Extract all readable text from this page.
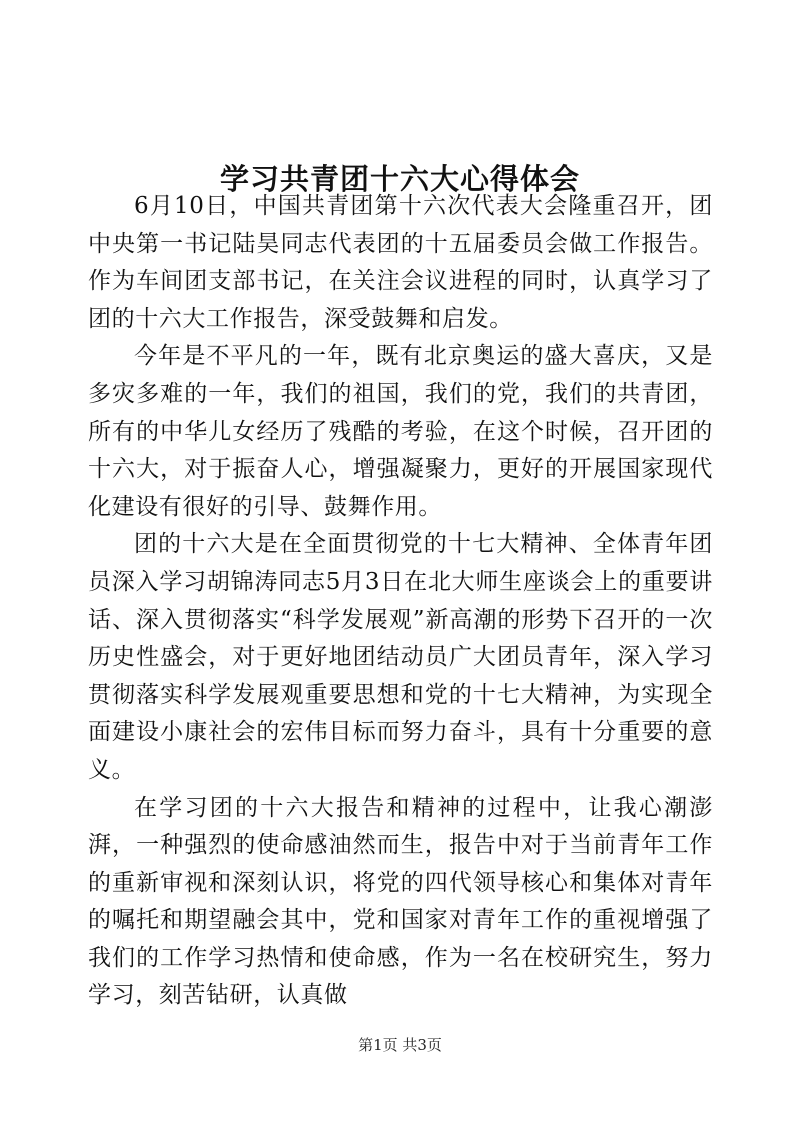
学习共青团十六大心得体会

6月10日，中国共青团第十六次代表大会隆重召开，团中央第一书记陆昊同志代表团的十五届委员会做工作报告。作为车间团支部书记，在关注会议进程的同时，认真学习了团的十六大工作报告，深受鼓舞和启发。

今年是不平凡的一年，既有北京奥运的盛大喜庆，又是多灾多难的一年，我们的祖国，我们的党，我们的共青团，所有的中华儿女经历了残酷的考验，在这个时候，召开团的十六大，对于振奋人心，增强凝聚力，更好的开展国家现代化建设有很好的引导、鼓舞作用。

团的十六大是在全面贯彻党的十七大精神、全体青年团员深入学习胡锦涛同志5月3日在北大师生座谈会上的重要讲话、深入贯彻落实“科学发展观”新高潮的形势下召开的一次历史性盛会，对于更好地团结动员广大团员青年，深入学习贯彻落实科学发展观重要思想和党的十七大精神，为实现全面建设小康社会的宏伟目标而努力奋斗，具有十分重要的意义。

在学习团的十六大报告和精神的过程中，让我心潮澎湃，一种强烈的使命感油然而生，报告中对于当前青年工作的重新审视和深刻认识，将党的四代领导核心和集体对青年的嘱托和期望融会其中，党和国家对青年工作的重视增强了我们的工作学习热情和使命感，作为一名在校研究生，努力学习，刻苦钻研，认真做

第1页 共3页
